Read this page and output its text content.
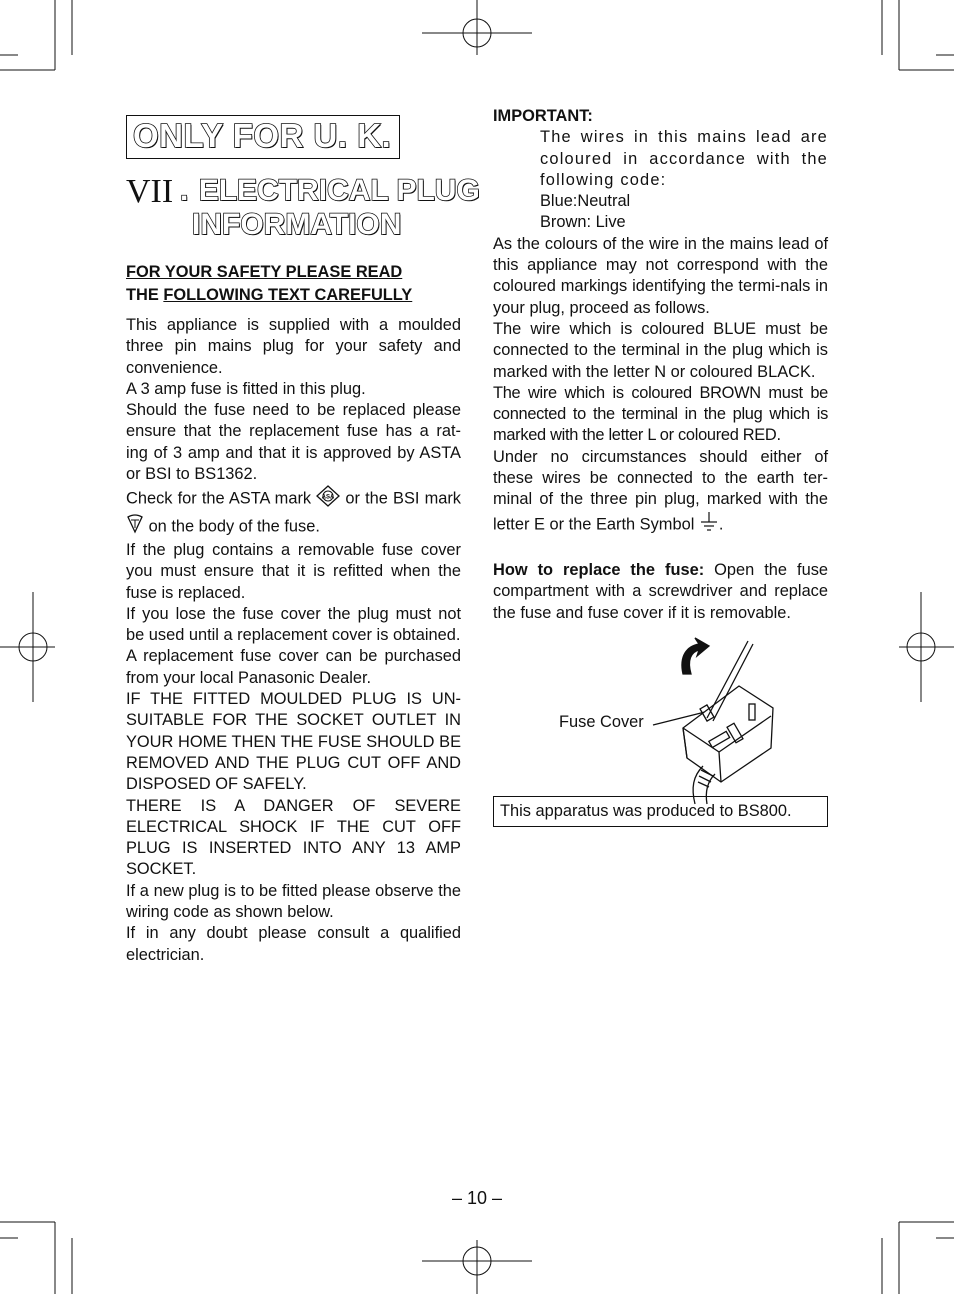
ONLY FOR U. K.
VII . ELECTRICAL PLUG
INFORMATION
FOR YOUR SAFETY PLEASE READ
THE FOLLOWING TEXT CAREFULLY

This appliance is supplied with a moulded three pin mains plug for your safety and convenience.

A 3 amp fuse is fitted in this plug.

Should the fuse need to be replaced please ensure that the replacement fuse has a rat-ing of 3 amp and that it is approved by ASTA or BSI to BS1362.

Check for the ASTA mark ASA or the BSI mark on the body of the fuse.

If the plug contains a removable fuse cover you must ensure that it is refitted when the fuse is replaced.

If you lose the fuse cover the plug must not be used until a replacement cover is obtained.

A replacement fuse cover can be purchased from your local Panasonic Dealer.

IF THE FITTED MOULDED PLUG IS UN-SUITABLE FOR THE SOCKET OUTLET IN YOUR HOME THEN THE FUSE SHOULD BE REMOVED AND THE PLUG CUT OFF AND DISPOSED OF SAFELY.

THERE IS A DANGER OF SEVERE ELECTRICAL SHOCK IF THE CUT OFF PLUG IS INSERTED INTO ANY 13 AMP SOCKET.

If a new plug is to be fitted please observe the wiring code as shown below.

If in any doubt please consult a qualified electrician.

IMPORTANT:

The wires in this mains lead are coloured in accordance with the following code:

Blue:Neutral

Brown: Live

As the colours of the wire in the mains lead of this appliance may not correspond with the coloured markings identifying the termi-nals in your plug, proceed as follows.

The wire which is coloured BLUE must be connected to the terminal in the plug which is marked with the letter N or coloured BLACK.

The wire which is coloured BROWN must be connected to the terminal in the plug which is marked with the letter L or coloured RED.

Under no circumstances should either of these wires be connected to the earth ter-minal of the three pin plug, marked with the letter E or the Earth Symbol .

How to replace the fuse: Open the fuse compartment with a screwdriver and replace the fuse and fuse cover if it is removable.

Fuse Cover
This apparatus was produced to BS800.
– 10 –
